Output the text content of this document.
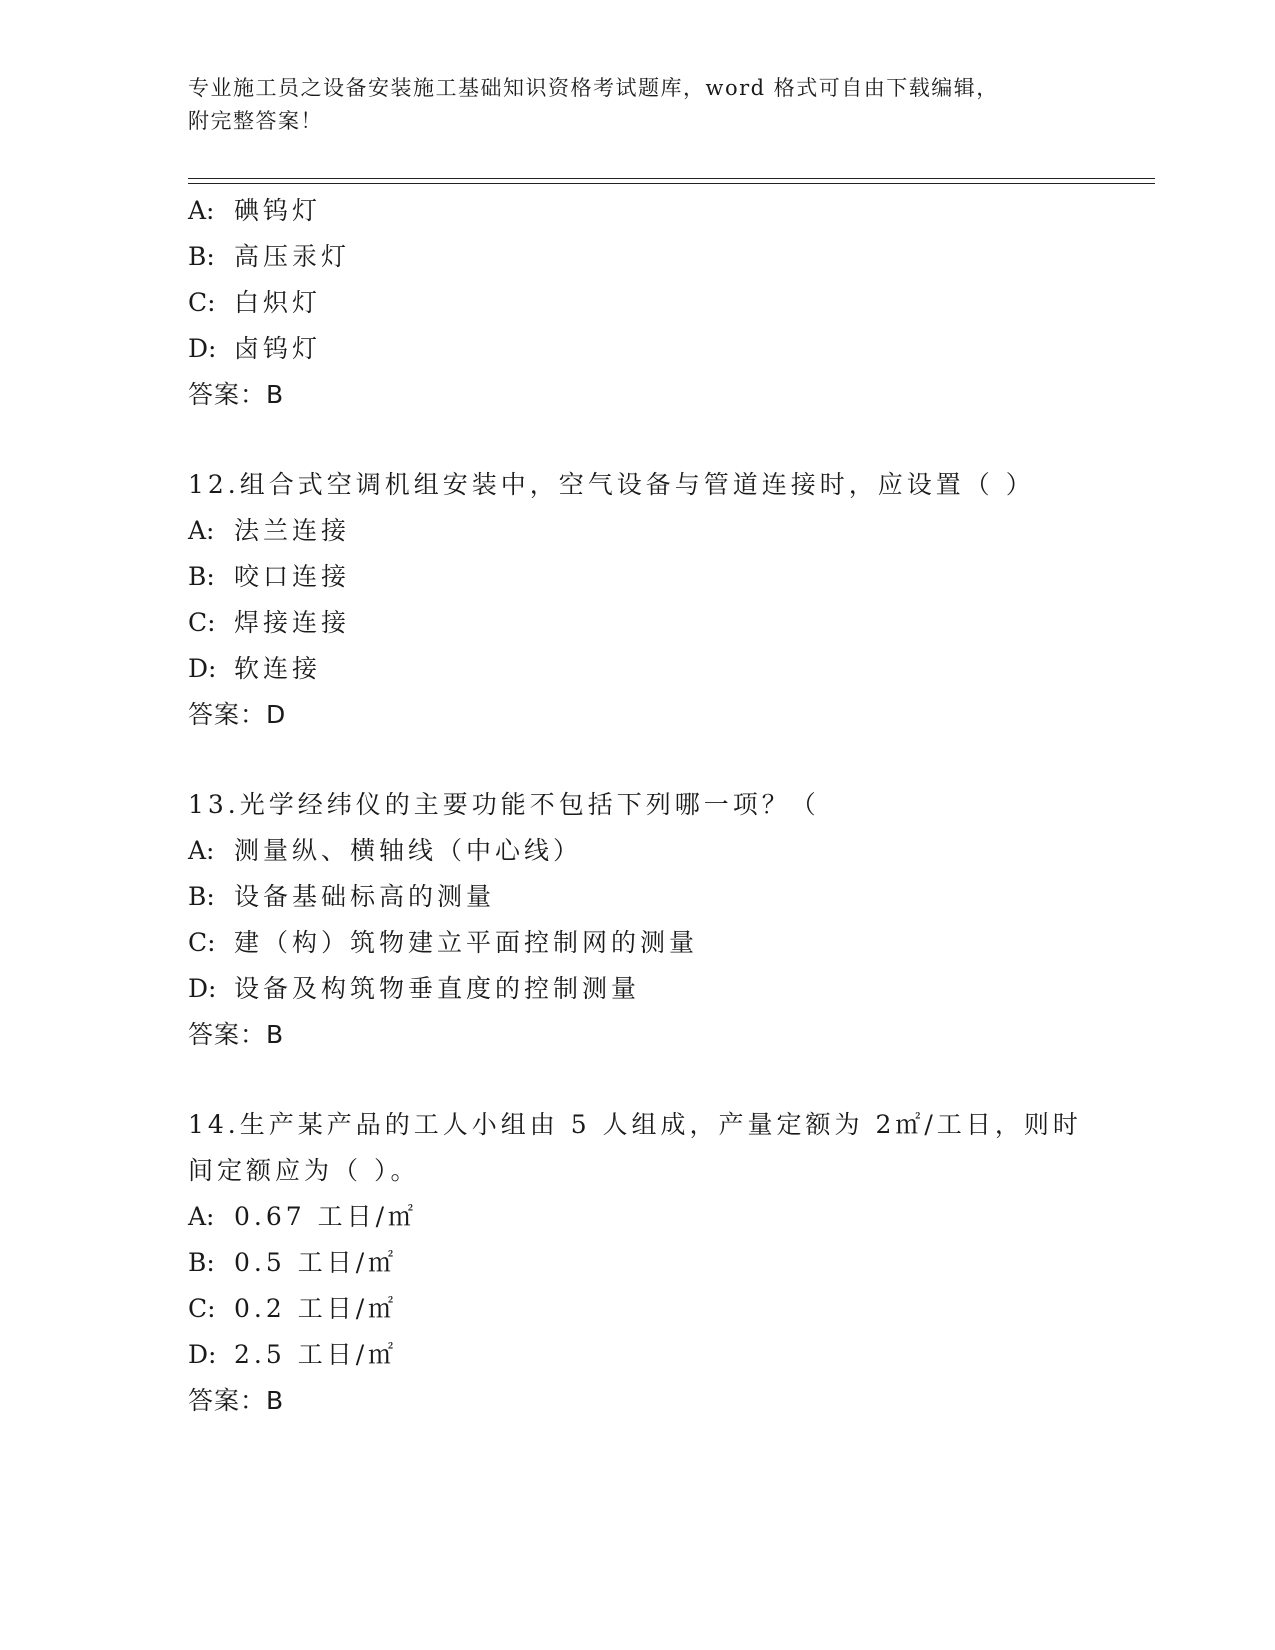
专业施工员之设备安装施工基础知识资格考试题库，word 格式可自由下载编辑，
附完整答案！
A: 碘钨灯
B: 高压汞灯
C: 白炽灯
D: 卤钨灯
答案：B
12.组合式空调机组安装中，空气设备与管道连接时，应设置（ ）
A: 法兰连接
B: 咬口连接
C: 焊接连接
D: 软连接
答案：D
13.光学经纬仪的主要功能不包括下列哪一项？（
A: 测量纵、横轴线（中心线）
B: 设备基础标高的测量
C: 建（构）筑物建立平面控制网的测量
D: 设备及构筑物垂直度的控制测量
答案：B
14.生产某产品的工人小组由 5 人组成，产量定额为 2㎡/工日，则时间定额应为（ ）。
A: 0.67 工日/㎡
B: 0.5 工日/㎡
C: 0.2 工日/㎡
D: 2.5 工日/㎡
答案：B
